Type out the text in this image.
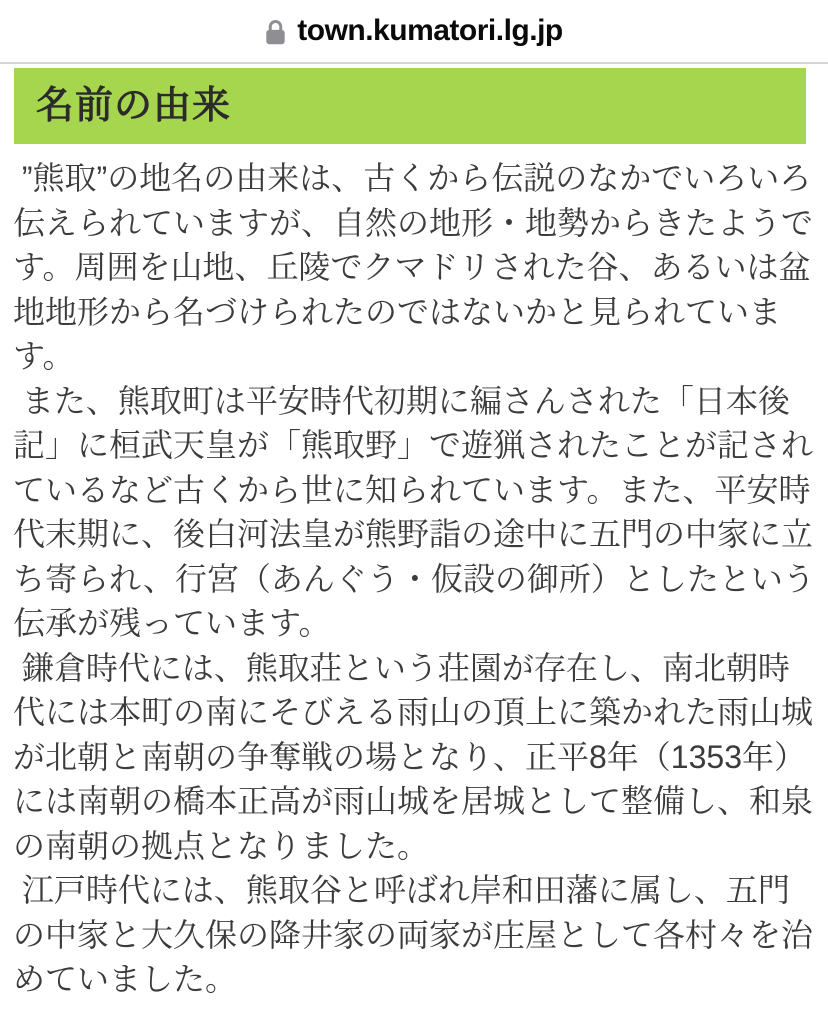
town.kumatori.lg.jp
名前の由来

”熊取”の地名の由来は、古くから伝説のなかでいろいろ伝えられていますが、自然の地形・地勢からきたようです。周囲を山地、丘陵でクマドリされた谷、あるいは盆地地形から名づけられたのではないかと見られています。

また、熊取町は平安時代初期に編さんされた「日本後記」に桓武天皇が「熊取野」で遊猟されたことが記されているなど古くから世に知られています。また、平安時代末期に、後白河法皇が熊野詣の途中に五門の中家に立ち寄られ、行宮（あんぐう・仮設の御所）としたという伝承が残っています。

鎌倉時代には、熊取荘という荘園が存在し、南北朝時代には本町の南にそびえる雨山の頂上に築かれた雨山城が北朝と南朝の争奪戦の場となり、正平8年（1353年）には南朝の橋本正高が雨山城を居城として整備し、和泉の南朝の拠点となりました。

江戸時代には、熊取谷と呼ばれ岸和田藩に属し、五門の中家と大久保の降井家の両家が庄屋として各村々を治めていました。
